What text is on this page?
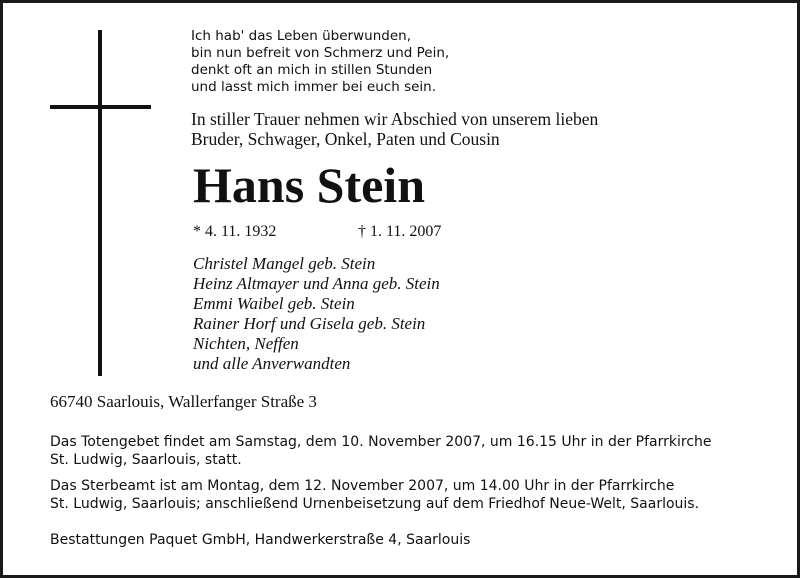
Ich hab' das Leben überwunden,
bin nun befreit von Schmerz und Pein,
denkt oft an mich in stillen Stunden
und lasst mich immer bei euch sein.
In stiller Trauer nehmen wir Abschied von unserem lieben
Bruder, Schwager, Onkel, Paten und Cousin
Hans Stein
* 4. 11. 1932	† 1. 11. 2007
Christel Mangel geb. Stein
Heinz Altmayer und Anna geb. Stein
Emmi Waibel geb. Stein
Rainer Horf und Gisela geb. Stein
Nichten, Neffen
und alle Anverwandten
66740 Saarlouis, Wallerfanger Straße 3
Das Totengebet findet am Samstag, dem 10. November 2007, um 16.15 Uhr in der Pfarrkirche
St. Ludwig, Saarlouis, statt.
Das Sterbeamt ist am Montag, dem 12. November 2007, um 14.00 Uhr in der Pfarrkirche
St. Ludwig, Saarlouis; anschließend Urnenbeisetzung auf dem Friedhof Neue-Welt, Saarlouis.
Bestattungen Paquet GmbH, Handwerkerstraße 4, Saarlouis
